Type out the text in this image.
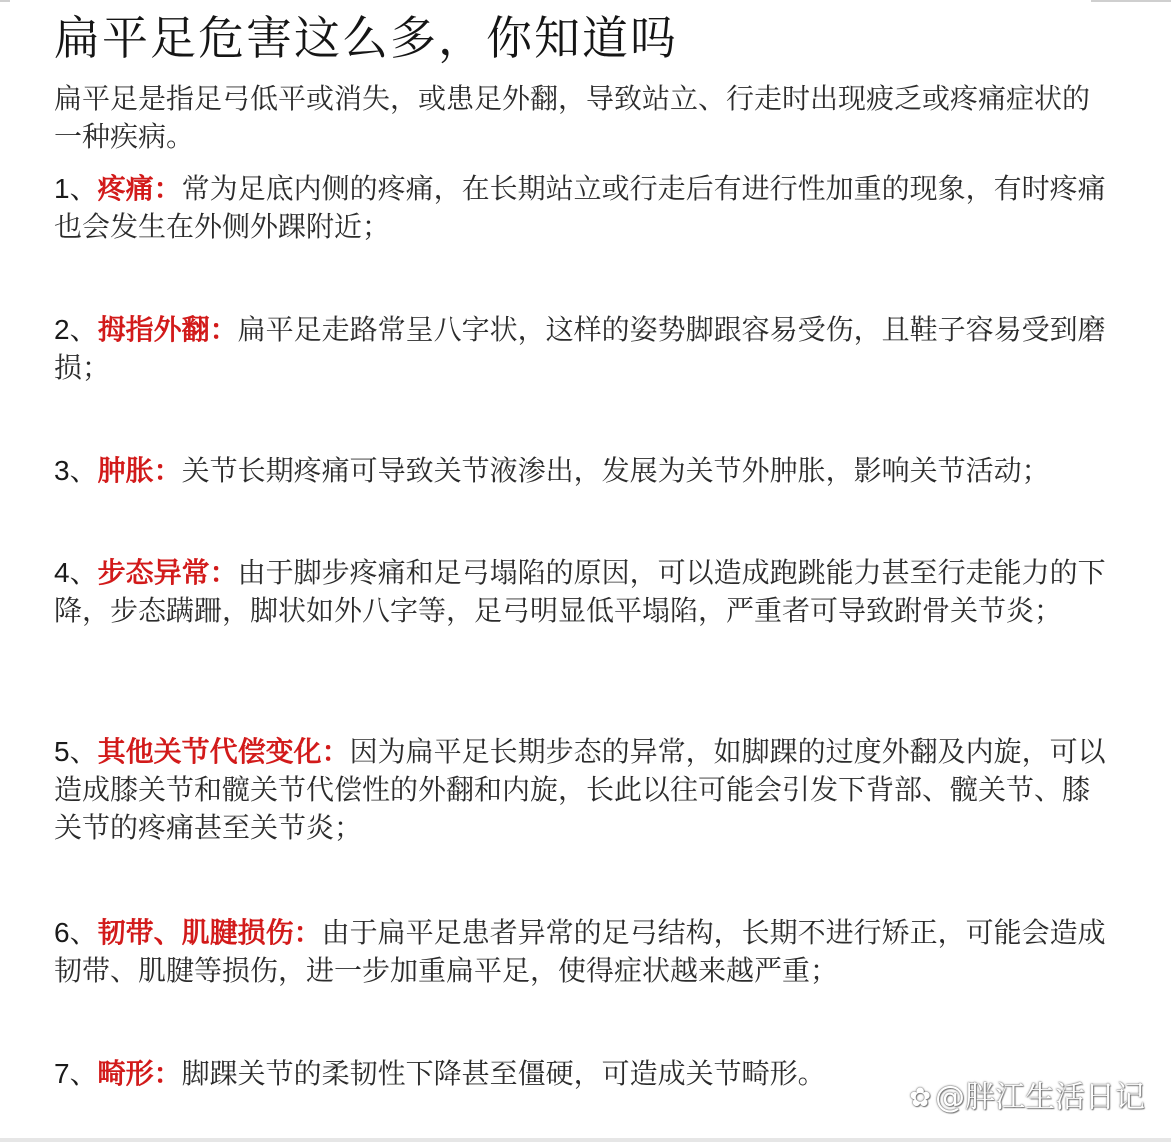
扁平足危害这么多，你知道吗
扁平足是指足弓低平或消失，或患足外翻，导致站立、行走时出现疲乏或疼痛症状的一种疾病。
1、疼痛：常为足底内侧的疼痛，在长期站立或行走后有进行性加重的现象，有时疼痛也会发生在外侧外踝附近；
2、拇指外翻：扁平足走路常呈八字状，这样的姿势脚跟容易受伤，且鞋子容易受到磨损；
3、肿胀：关节长期疼痛可导致关节液渗出，发展为关节外肿胀，影响关节活动；
4、步态异常：由于脚步疼痛和足弓塌陷的原因，可以造成跑跳能力甚至行走能力的下降，步态蹒跚，脚状如外八字等，足弓明显低平塌陷，严重者可导致跗骨关节炎；
5、其他关节代偿变化：因为扁平足长期步态的异常，如脚踝的过度外翻及内旋，可以造成膝关节和髋关节代偿性的外翻和内旋，长此以往可能会引发下背部、髋关节、膝关节的疼痛甚至关节炎；
6、韧带、肌腱损伤：由于扁平足患者异常的足弓结构，长期不进行矫正，可能会造成韧带、肌腱等损伤，进一步加重扁平足，使得症状越来越严重；
7、畸形：脚踝关节的柔韧性下降甚至僵硬，可造成关节畸形。
✿ @胖江生活日记
